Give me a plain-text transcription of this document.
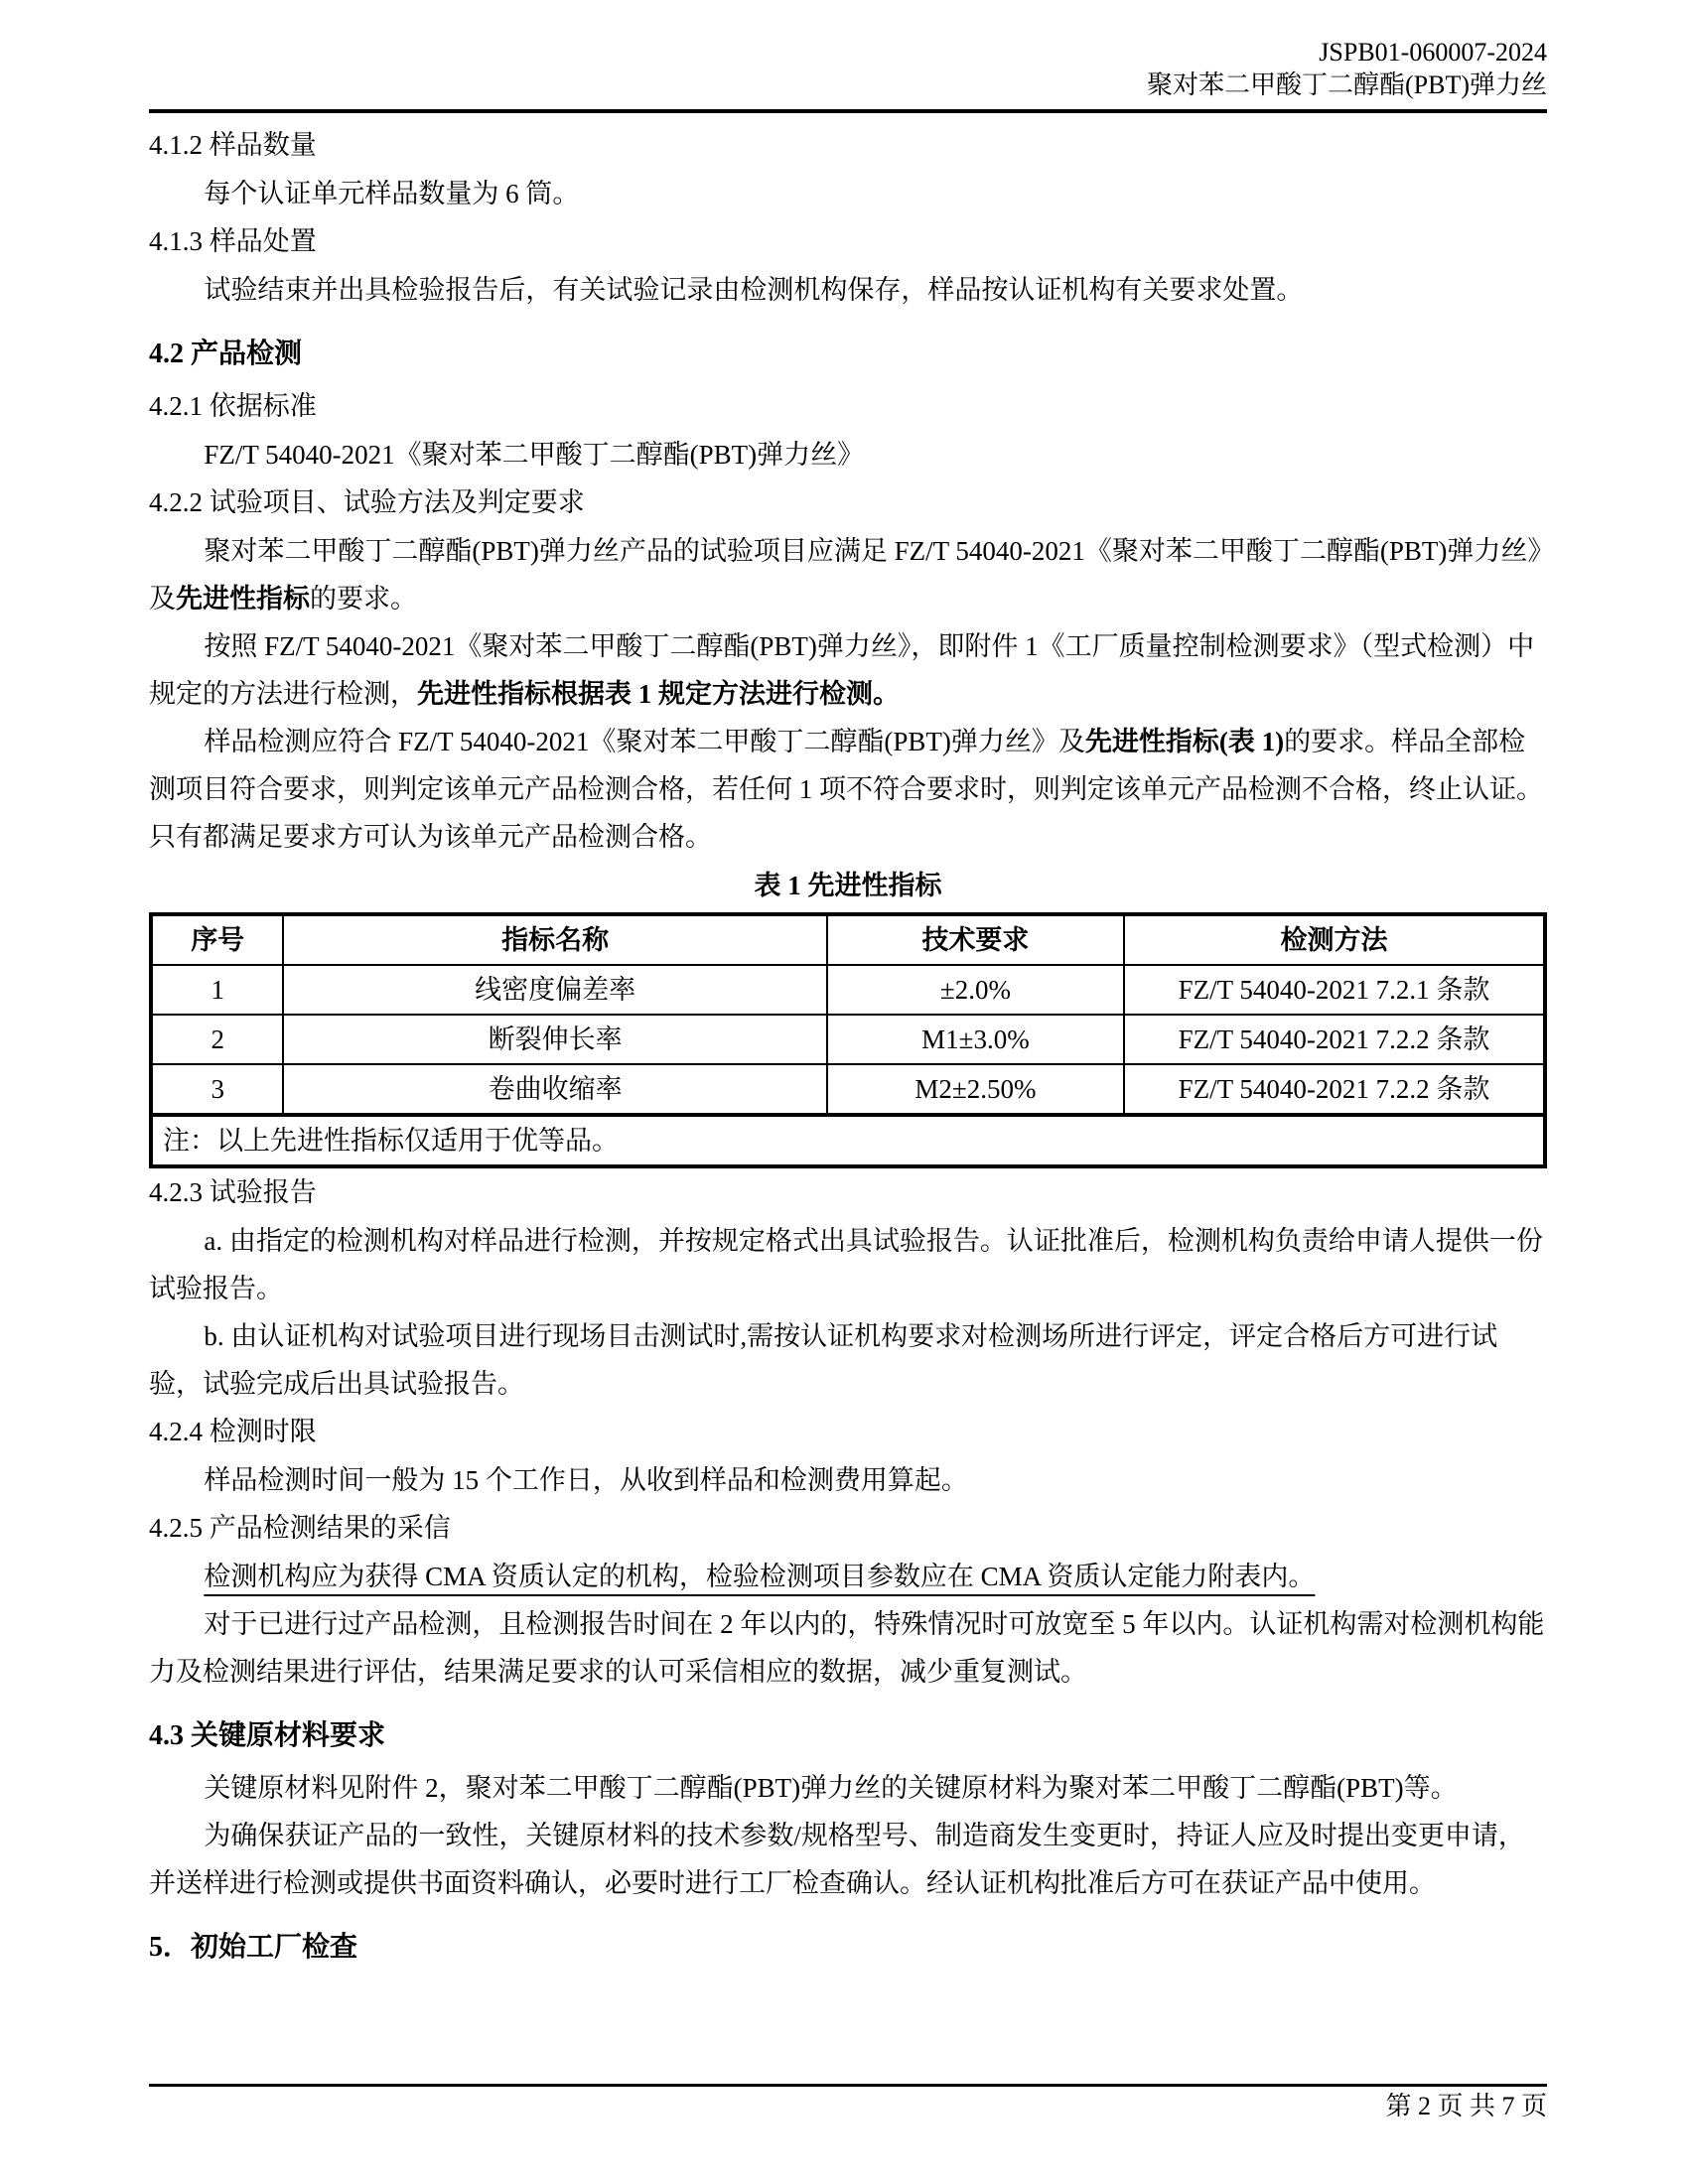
JSPB01-060007-2024
聚对苯二甲酸丁二醇酯(PBT)弹力丝

4.1.2 样品数量

每个认证单元样品数量为 6 筒。

4.1.3 样品处置

试验结束并出具检验报告后，有关试验记录由检测机构保存，样品按认证机构有关要求处置。

4.2 产品检测

4.2.1 依据标准

FZ/T 54040-2021《聚对苯二甲酸丁二醇酯(PBT)弹力丝》

4.2.2 试验项目、试验方法及判定要求

聚对苯二甲酸丁二醇酯(PBT)弹力丝产品的试验项目应满足 FZ/T 54040-2021《聚对苯二甲酸丁二醇酯(PBT)弹力丝》及先进性指标的要求。

按照 FZ/T 54040-2021《聚对苯二甲酸丁二醇酯(PBT)弹力丝》，即附件 1《工厂质量控制检测要求》（型式检测）中规定的方法进行检测，先进性指标根据表 1 规定方法进行检测。

样品检测应符合 FZ/T 54040-2021《聚对苯二甲酸丁二醇酯(PBT)弹力丝》及先进性指标(表 1)的要求。样品全部检测项目符合要求，则判定该单元产品检测合格，若任何 1 项不符合要求时，则判定该单元产品检测不合格，终止认证。只有都满足要求方可认为该单元产品检测合格。

表 1 先进性指标

序号	指标名称	技术要求	检测方法
1	线密度偏差率	±2.0%	FZ/T 54040-2021 7.2.1 条款
2	断裂伸长率	M1±3.0%	FZ/T 54040-2021 7.2.2 条款
3	卷曲收缩率	M2±2.50%	FZ/T 54040-2021 7.2.2 条款
注：以上先进性指标仅适用于优等品。			

4.2.3 试验报告

a. 由指定的检测机构对样品进行检测，并按规定格式出具试验报告。认证批准后，检测机构负责给申请人提供一份试验报告。

b. 由认证机构对试验项目进行现场目击测试时,需按认证机构要求对检测场所进行评定，评定合格后方可进行试验，试验完成后出具试验报告。

4.2.4 检测时限

样品检测时间一般为 15 个工作日，从收到样品和检测费用算起。

4.2.5 产品检测结果的采信

检测机构应为获得 CMA 资质认定的机构，检验检测项目参数应在 CMA 资质认定能力附表内。

对于已进行过产品检测，且检测报告时间在 2 年以内的，特殊情况时可放宽至 5 年以内。认证机构需对检测机构能力及检测结果进行评估，结果满足要求的认可采信相应的数据，减少重复测试。

4.3 关键原材料要求

关键原材料见附件 2，聚对苯二甲酸丁二醇酯(PBT)弹力丝的关键原材料为聚对苯二甲酸丁二醇酯(PBT)等。

为确保获证产品的一致性，关键原材料的技术参数/规格型号、制造商发生变更时，持证人应及时提出变更申请，并送样进行检测或提供书面资料确认，必要时进行工厂检查确认。经认证机构批准后方可在获证产品中使用。

5．初始工厂检查

第 2 页 共 7 页
